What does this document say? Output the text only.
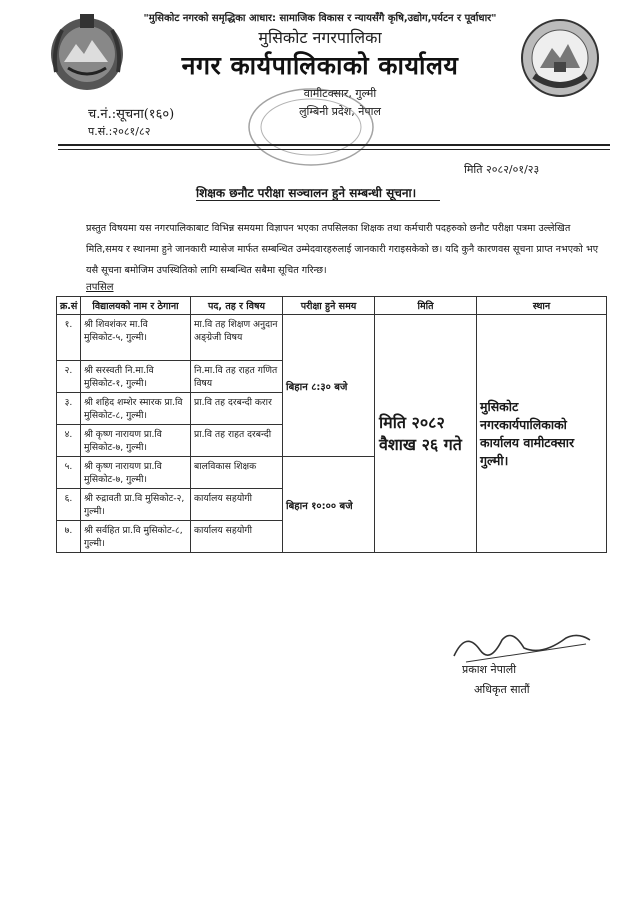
"मुसिकोट नगरको समृद्धिका आधार: सामाजिक विकास र न्यायसँगै कृषि,उद्योग,पर्यटन र पूर्वाधार"
मुसिकोट नगरपालिका
नगर कार्यपालिकाको कार्यालय
वामीटक्सार, गुल्मी
लुम्बिनी प्रदेश, नेपाल
च.नं.:सूचना(१६०)
प.सं.:२०८१/८२
मिति २०८२/०१/२३
शिक्षक छनौट परीक्षा सञ्चालन हुने सम्बन्धी सूचना।
प्रस्तुत विषयमा यस नगरपालिकाबाट विभिन्न समयमा विज्ञापन भएका तपसिलका शिक्षक तथा कर्मचारी पदहरुको छनौट परीक्षा पत्रमा उल्लेखित मिति,समय र स्थानमा हुने जानकारी म्यासेज मार्फत सम्बन्धित उम्मेदवारहरुलाई जानकारी गराइसकेको छ। यदि कुनै कारणवस सूचना प्राप्त नभएको भए यसै सूचना बमोजिम उपस्थितिको लागि सम्बन्धित सबैमा सूचित गरिन्छ।
तपसिल
क्र.सं	विद्यालयको नाम र ठेगाना	पद, तह र विषय	परीक्षा हुने समय	मिति	स्थान
१.	श्री शिवशंकर मा.वि मुसिकोट-५, गुल्मी।	मा.वि तह शिक्षण अनुदान अङ्ग्रेजी विषय	बिहान ८:३० बजे	मिति २०८२ वैशाख २६ गते	मुसिकोट नगरकार्यपालिकाको कार्यालय वामीटक्सार गुल्मी।
२.	श्री सरस्वती नि.मा.वि मुसिकोट-१, गुल्मी।	नि.मा.वि तह राहत गणित विषय			
३.	श्री शहिद शम्शेर स्मारक प्रा.वि मुसिकोट-८, गुल्मी।	प्रा.वि तह दरबन्दी करार			
४.	श्री कृष्ण नारायण प्रा.वि मुसिकोट-७, गुल्मी।	प्रा.वि तह राहत दरबन्दी			
५.	श्री कृष्ण नारायण प्रा.वि मुसिकोट-७, गुल्मी।	बालविकास शिक्षक	बिहान १०:०० बजे		
६.	श्री रुद्रावती प्रा.वि मुसिकोट-२, गुल्मी।	कार्यालय सहयोगी			
७.	श्री सर्वहित प्रा.वि मुसिकोट-८, गुल्मी।	कार्यालय सहयोगी			
प्रकाश नेपाली
अधिकृत सातौं
